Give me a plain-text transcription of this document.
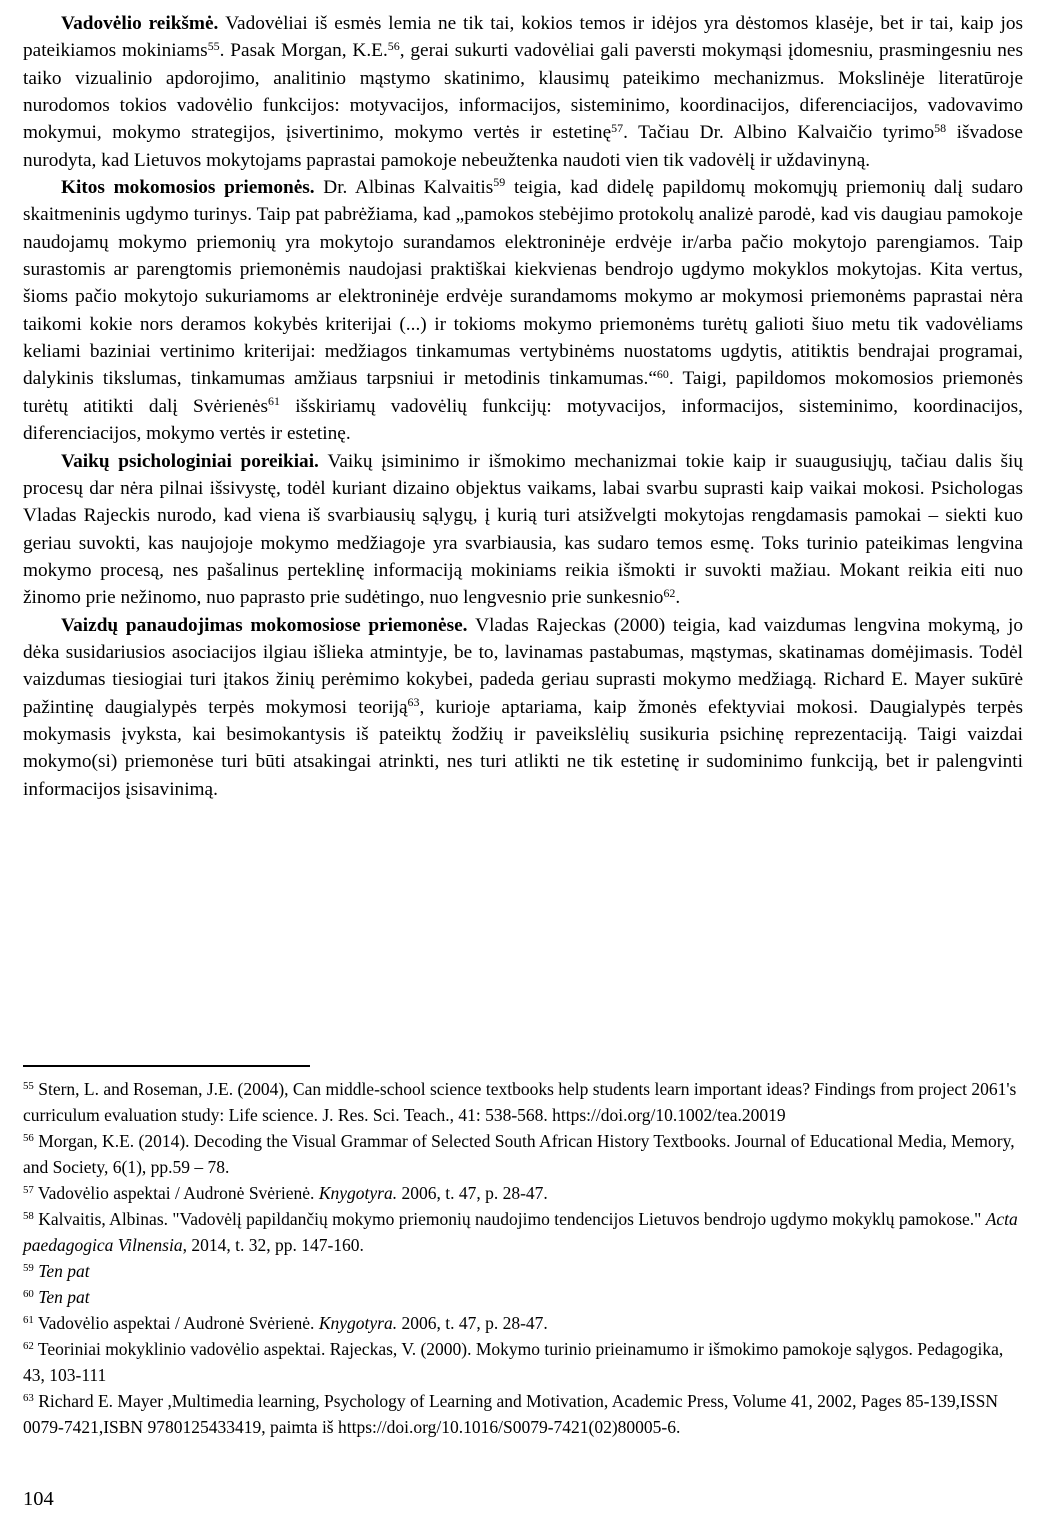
Vadovėlio reikšmė. Vadovėliai iš esmės lemia ne tik tai, kokios temos ir idėjos yra dėstomos klasėje, bet ir tai, kaip jos pateikiamos mokiniams$^{55}$. Pasak Morgan, K.E.$^{56}$, gerai sukurti vadovėliai gali paversti mokymąsi įdomesniu, prasmingesniu nes taiko vizualinio apdorojimo, analitinio mąstymo skatinimo, klausimų pateikimo mechanizmus. Mokslinėje literatūroje nurodomos tokios vadovėlio funkcijos: motyvacijos, informacijos, sisteminimo, koordinacijos, diferenciacijos, vadovavimo mokymui, mokymo strategijos, įsivertinimo, mokymo vertės ir estetinę$^{57}$. Tačiau Dr. Albino Kalvaičio tyrimo$^{58}$ išvadose nurodyta, kad Lietuvos mokytojams paprastai pamokoje nebeužtenka naudoti vien tik vadovėlį ir uždavinyną.

Kitos mokomosios priemonės. Dr. Albinas Kalvaitis$^{59}$ teigia, kad didelę papildomų mokomųjų priemonių dalį sudaro skaitmeninis ugdymo turinys. Taip pat pabrėžiama, kad „pamokos stebėjimo protokolų analizė parodė, kad vis daugiau pamokoje naudojamų mokymo priemonių yra mokytojo surandamos elektroninėje erdvėje ir/arba pačio mokytojo parengiamos. Taip surastomis ar parengtomis priemonėmis naudojasi praktiškai kiekvienas bendrojo ugdymo mokyklos mokytojas. Kita vertus, šioms pačio mokytojo sukuriamoms ar elektroninėje erdvėje surandamoms mokymo ar mokymosi priemonėms paprastai nėra taikomi kokie nors deramos kokybės kriterijai (...) ir tokioms mokymo priemonėms turėtų galioti šiuo metu tik vadovėliams keliami baziniai vertinimo kriterijai: medžiagos tinkamumas vertybinėms nuostatoms ugdytis, atitiktis bendrajai programai, dalykinis tikslumas, tinkamumas amžiaus tarpsniui ir metodinis tinkamumas.“$^{60}$. Taigi, papildomos mokomosios priemonės turėtų atitikti dalį Svėrienės$^{61}$ išskiriamų vadovėlių funkcijų: motyvacijos, informacijos, sisteminimo, koordinacijos, diferenciacijos, mokymo vertės ir estetinę.

Vaikų psichologiniai poreikiai. Vaikų įsiminimo ir išmokimo mechanizmai tokie kaip ir suaugusiųjų, tačiau dalis šių procesų dar nėra pilnai išsivystę, todėl kuriant dizaino objektus vaikams, labai svarbu suprasti kaip vaikai mokosi. Psichologas Vladas Rajeckis nurodo, kad viena iš svarbiausių sąlygų, į kurią turi atsižvelgti mokytojas rengdamasis pamokai – siekti kuo geriau suvokti, kas naujojoje mokymo medžiagoje yra svarbiausia, kas sudaro temos esmę. Toks turinio pateikimas lengvina mokymo procesą, nes pašalinus perteklinę informaciją mokiniams reikia išmokti ir suvokti mažiau. Mokant reikia eiti nuo žinomo prie nežinomo, nuo paprasto prie sudėtingo, nuo lengvesnio prie sunkesnio$^{62}$.

Vaizdų panaudojimas mokomosiose priemonėse. Vladas Rajeckas (2000) teigia, kad vaizdumas lengvina mokymą, jo dėka susidariusios asociacijos ilgiau išlieka atmintyje, be to, lavinamas pastabumas, mąstymas, skatinamas domėjimasis. Todėl vaizdumas tiesiogiai turi įtakos žinių perėmimo kokybei, padeda geriau suprasti mokymo medžiagą. Richard E. Mayer sukūrė pažintinę daugialypės terpės mokymosi teoriją$^{63}$, kurioje aptariama, kaip žmonės efektyviai mokosi. Daugialypės terpės mokymasis įvyksta, kai besimokantysis iš pateiktų žodžių ir paveikslėlių susikuria psichinę reprezentaciją. Taigi vaizdai mokymo(si) priemonėse turi būti atsakingai atrinkti, nes turi atlikti ne tik estetinę ir sudominimo funkciją, bet ir palengvinti informacijos įsisavinimą.

$^{55}$ Stern, L. and Roseman, J.E. (2004), Can middle-school science textbooks help students learn important ideas? Findings from project 2061's curriculum evaluation study: Life science. J. Res. Sci. Teach., 41: 538-568. https://doi.org/10.1002/tea.20019
$^{56}$ Morgan, K.E. (2014). Decoding the Visual Grammar of Selected South African History Textbooks. Journal of Educational Media, Memory, and Society, 6(1), pp.59 – 78.
$^{57}$ Vadovėlio aspektai / Audronė Svėrienė. Knygotyra. 2006, t. 47, p. 28-47.
$^{58}$ Kalvaitis, Albinas. "Vadovėlį papildančių mokymo priemonių naudojimo tendencijos Lietuvos bendrojo ugdymo mokyklų pamokose." Acta paedagogica Vilnensia, 2014, t. 32, pp. 147-160.
$^{59}$ Ten pat
$^{60}$ Ten pat
$^{61}$ Vadovėlio aspektai / Audronė Svėrienė. Knygotyra. 2006, t. 47, p. 28-47.
$^{62}$ Teoriniai mokyklinio vadovėlio aspektai. Rajeckas, V. (2000). Mokymo turinio prieinamumo ir išmokimo pamokoje sąlygos. Pedagogika, 43, 103-111
$^{63}$ Richard E. Mayer ,Multimedia learning, Psychology of Learning and Motivation, Academic Press, Volume 41, 2002, Pages 85-139,ISSN 0079-7421,ISBN 9780125433419, paimta iš https://doi.org/10.1016/S0079-7421(02)80005-6.
104
